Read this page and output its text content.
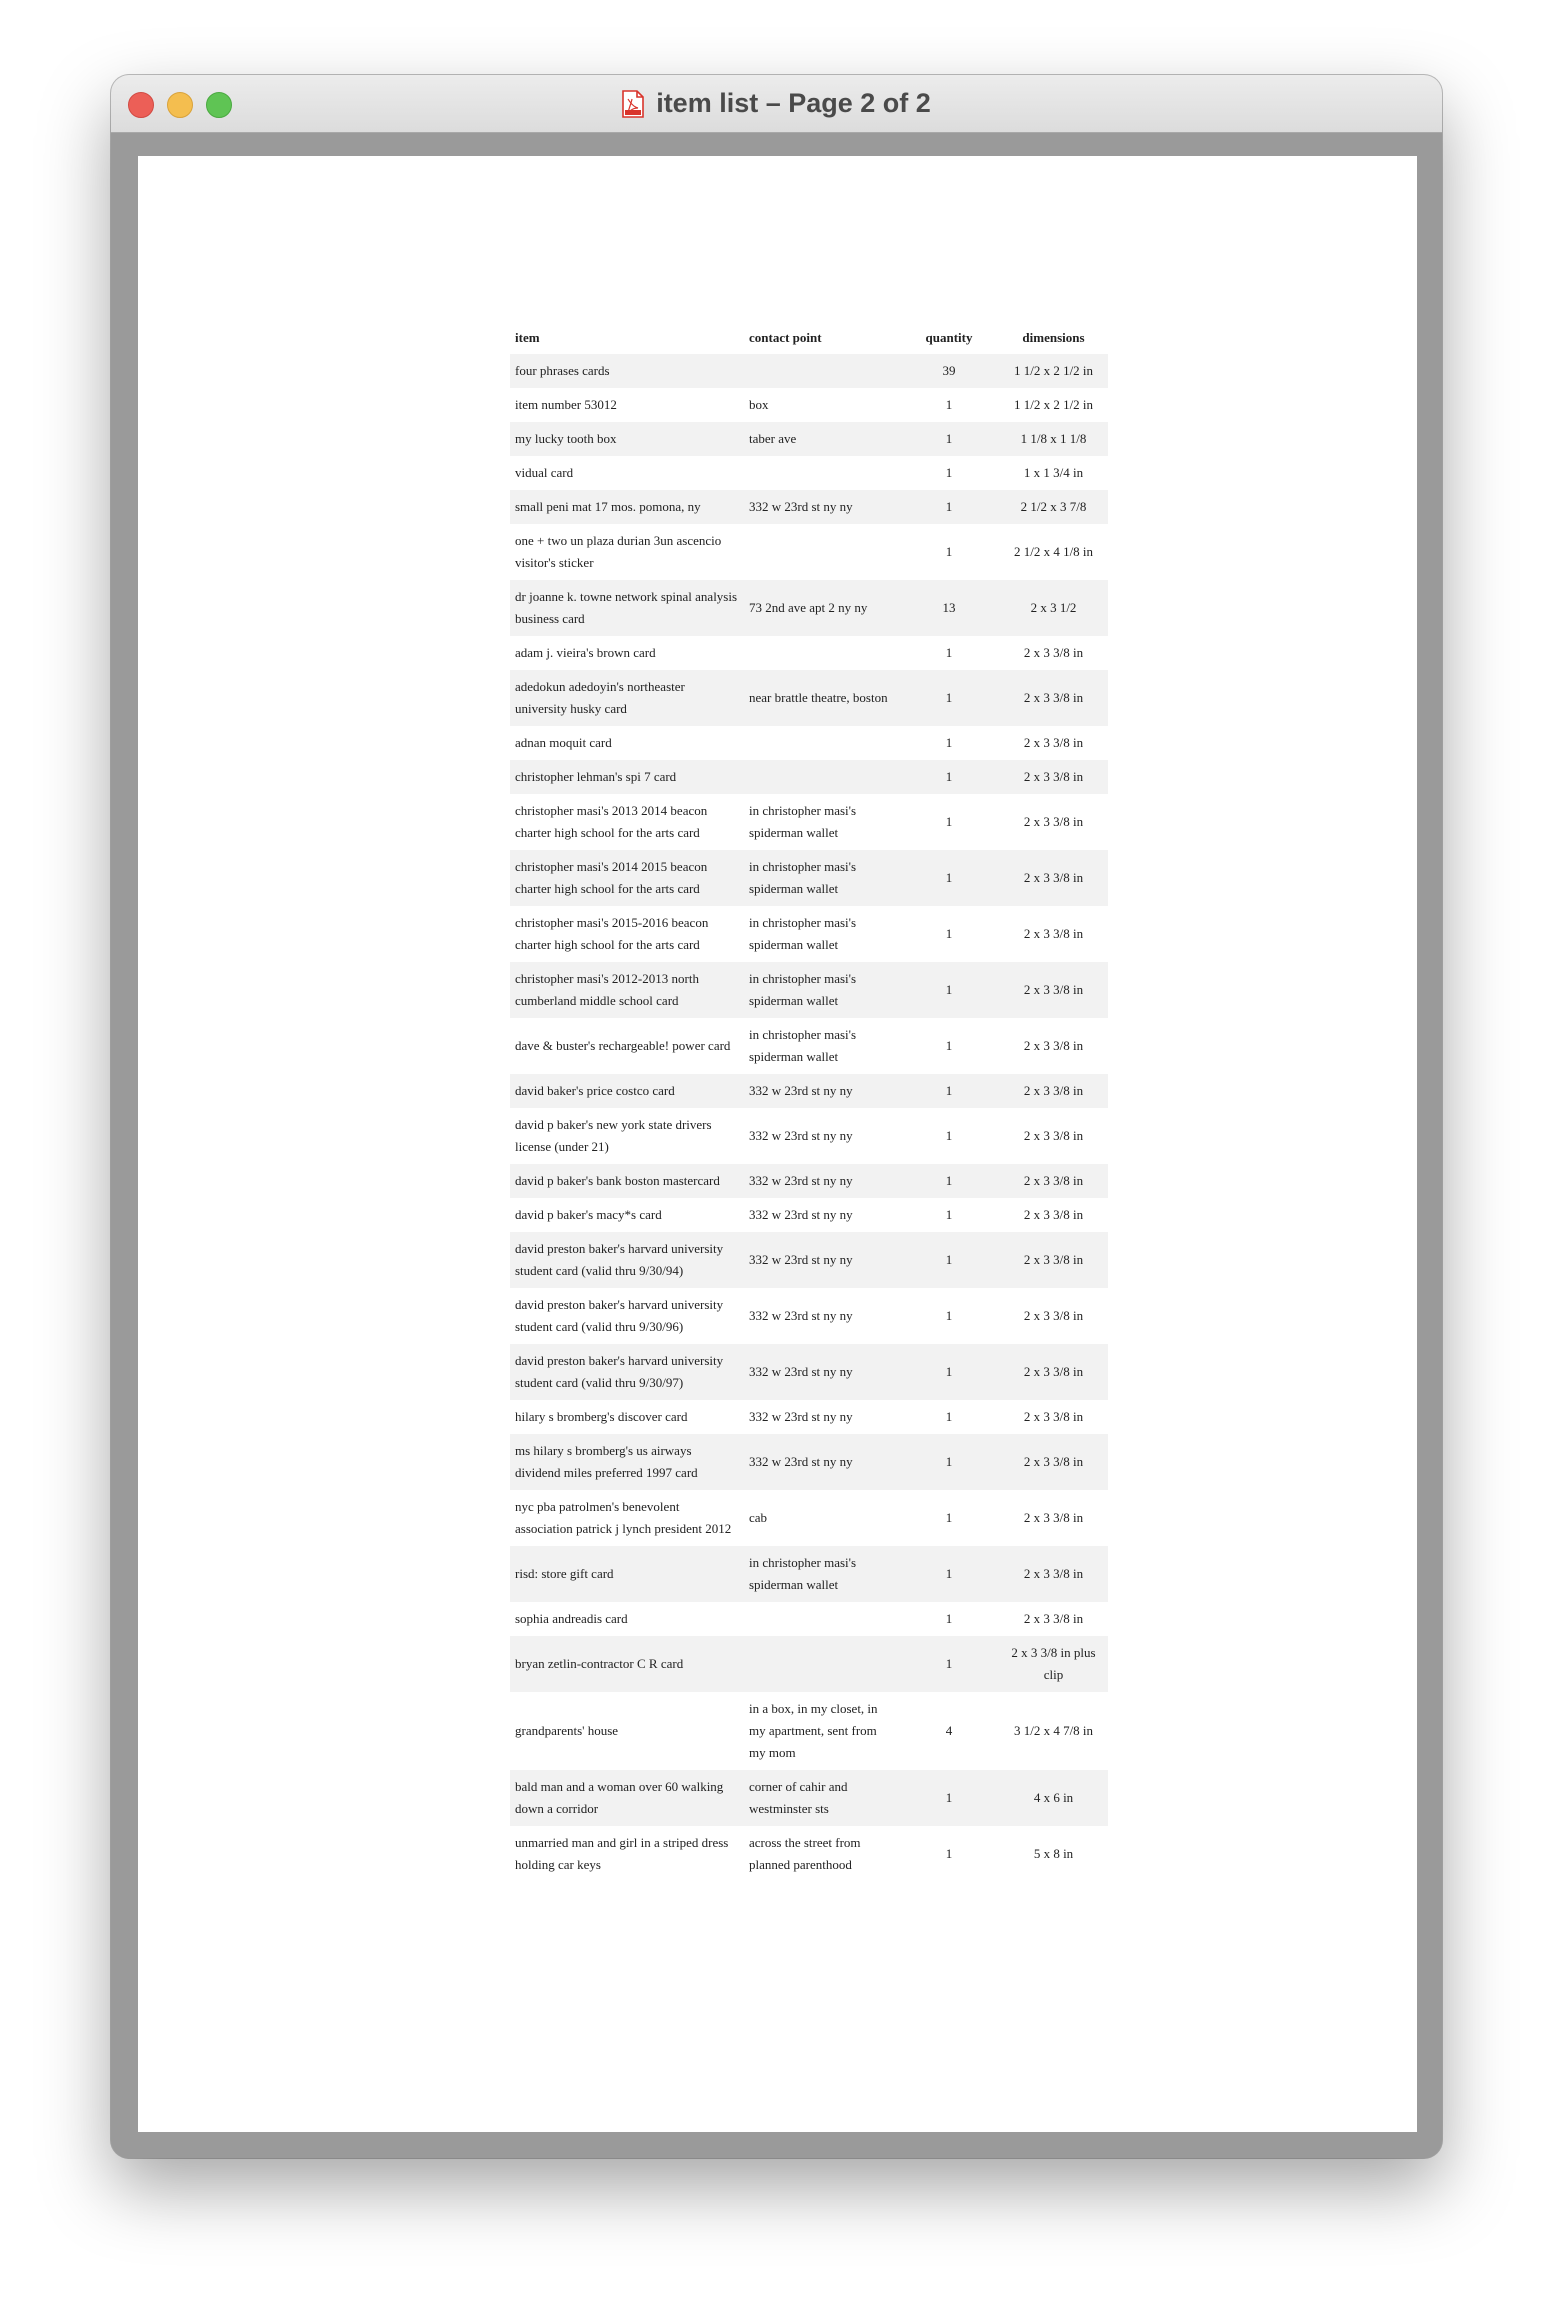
item list – Page 2 of 2
item	contact point	quantity	dimensions
four phrases cards		39	1 1/2 x 2 1/2 in
item number 53012	box	1	1 1/2 x 2 1/2 in
my lucky tooth box	taber ave	1	1 1/8 x 1 1/8
vidual card		1	1 x 1 3/4 in
small peni mat 17 mos. pomona, ny	332 w 23rd st ny ny	1	2 1/2 x 3 7/8
one + two un plaza durian 3un ascencio visitor's sticker		1	2 1/2 x 4 1/8 in
dr joanne k. towne network spinal analysis business card	73 2nd ave apt 2 ny ny	13	2 x 3 1/2
adam j. vieira's brown card		1	2 x 3 3/8 in
adedokun adedoyin's northeaster university husky card	near brattle theatre, boston	1	2 x 3 3/8 in
adnan moquit card		1	2 x 3 3/8 in
christopher lehman's spi 7 card		1	2 x 3 3/8 in
christopher masi's 2013 2014 beacon charter high school for the arts card	in christopher masi's spiderman wallet	1	2 x 3 3/8 in
christopher masi's 2014 2015 beacon charter high school for the arts card	in christopher masi's spiderman wallet	1	2 x 3 3/8 in
christopher masi's 2015-2016 beacon charter high school for the arts card	in christopher masi's spiderman wallet	1	2 x 3 3/8 in
christopher masi's 2012-2013 north cumberland middle school card	in christopher masi's spiderman wallet	1	2 x 3 3/8 in
dave & buster's rechargeable! power card	in christopher masi's spiderman wallet	1	2 x 3 3/8 in
david baker's price costco card	332 w 23rd st ny ny	1	2 x 3 3/8 in
david p baker's new york state drivers license (under 21)	332 w 23rd st ny ny	1	2 x 3 3/8 in
david p baker's bank boston mastercard	332 w 23rd st ny ny	1	2 x 3 3/8 in
david p baker's macy*s card	332 w 23rd st ny ny	1	2 x 3 3/8 in
david preston baker's harvard university student card (valid thru 9/30/94)	332 w 23rd st ny ny	1	2 x 3 3/8 in
david preston baker's harvard university student card (valid thru 9/30/96)	332 w 23rd st ny ny	1	2 x 3 3/8 in
david preston baker's harvard university student card (valid thru 9/30/97)	332 w 23rd st ny ny	1	2 x 3 3/8 in
hilary s bromberg's discover card	332 w 23rd st ny ny	1	2 x 3 3/8 in
ms hilary s bromberg's us airways dividend miles preferred 1997 card	332 w 23rd st ny ny	1	2 x 3 3/8 in
nyc pba patrolmen's benevolent association patrick j lynch president 2012	cab	1	2 x 3 3/8 in
risd: store gift card	in christopher masi's spiderman wallet	1	2 x 3 3/8 in
sophia andreadis card		1	2 x 3 3/8 in
bryan zetlin-contractor C R card		1	2 x 3 3/8 in plus clip
grandparents' house	in a box, in my closet, in my apartment, sent from my mom	4	3 1/2 x 4 7/8 in
bald man and a woman over 60 walking down a corridor	corner of cahir and westminster sts	1	4 x 6 in
unmarried man and girl in a striped dress holding car keys	across the street from planned parenthood	1	5 x 8 in
